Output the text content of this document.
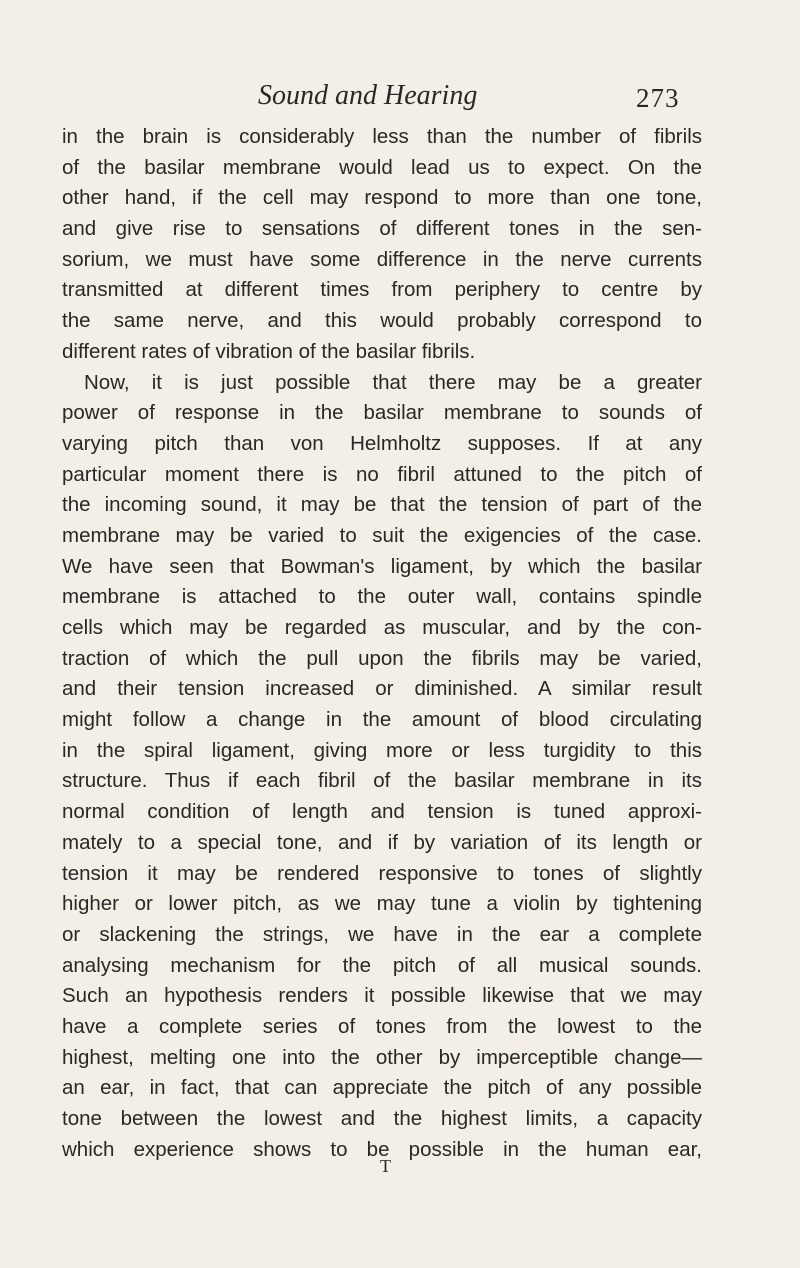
Sound and Hearing	273
in the brain is considerably less than the number of fibrils
of the basilar membrane would lead us to expect. On the
other hand, if the cell may respond to more than one tone,
and give rise to sensations of different tones in the sen-
sorium, we must have some difference in the nerve currents
transmitted at different times from periphery to centre by
the same nerve, and this would probably correspond to
different rates of vibration of the basilar fibrils.
Now, it is just possible that there may be a greater
power of response in the basilar membrane to sounds of
varying pitch than von Helmholtz supposes. If at any
particular moment there is no fibril attuned to the pitch of
the incoming sound, it may be that the tension of part of the
membrane may be varied to suit the exigencies of the case.
We have seen that Bowman's ligament, by which the basilar
membrane is attached to the outer wall, contains spindle
cells which may be regarded as muscular, and by the con-
traction of which the pull upon the fibrils may be varied,
and their tension increased or diminished. A similar result
might follow a change in the amount of blood circulating
in the spiral ligament, giving more or less turgidity to this
structure. Thus if each fibril of the basilar membrane in its
normal condition of length and tension is tuned approxi-
mately to a special tone, and if by variation of its length or
tension it may be rendered responsive to tones of slightly
higher or lower pitch, as we may tune a violin by tightening
or slackening the strings, we have in the ear a complete
analysing mechanism for the pitch of all musical sounds.
Such an hypothesis renders it possible likewise that we may
have a complete series of tones from the lowest to the
highest, melting one into the other by imperceptible change—
an ear, in fact, that can appreciate the pitch of any possible
tone between the lowest and the highest limits, a capacity
which experience shows to be possible in the human ear,
T
